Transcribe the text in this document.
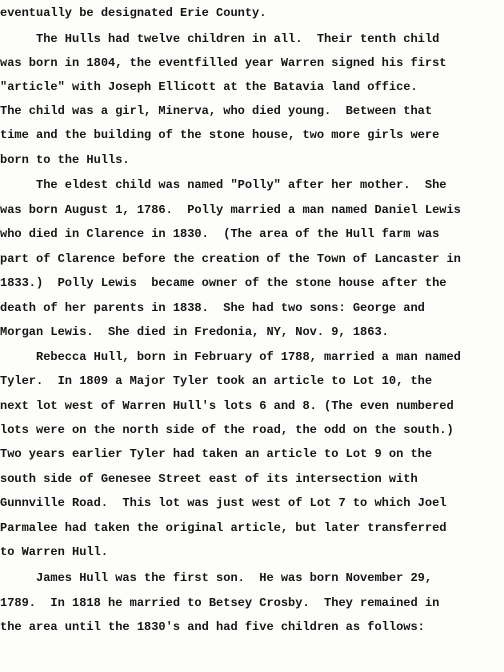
eventually be designated Erie County.
The Hulls had twelve children in all.  Their tenth child
was born in 1804, the eventfilled year Warren signed his first
"article" with Joseph Ellicott at the Batavia land office.
The child was a girl, Minerva, who died young.  Between that
time and the building of the stone house, two more girls were
born to the Hulls.
The eldest child was named "Polly" after her mother.  She
was born August 1, 1786.  Polly married a man named Daniel Lewis
who died in Clarence in 1830.  (The area of the Hull farm was
part of Clarence before the creation of the Town of Lancaster in
1833.)  Polly Lewis  became owner of the stone house after the
death of her parents in 1838.  She had two sons: George and
Morgan Lewis.  She died in Fredonia, NY, Nov. 9, 1863.
Rebecca Hull, born in February of 1788, married a man named
Tyler.  In 1809 a Major Tyler took an article to Lot 10, the
next lot west of Warren Hull's lots 6 and 8. (The even numbered
lots were on the north side of the road, the odd on the south.)
Two years earlier Tyler had taken an article to Lot 9 on the
south side of Genesee Street east of its intersection with
Gunnville Road.  This lot was just west of Lot 7 to which Joel
Parmalee had taken the original article, but later transferred
to Warren Hull.
James Hull was the first son.  He was born November 29,
1789.  In 1818 he married to Betsey Crosby.  They remained in
the area until the 1830's and had five children as follows:
